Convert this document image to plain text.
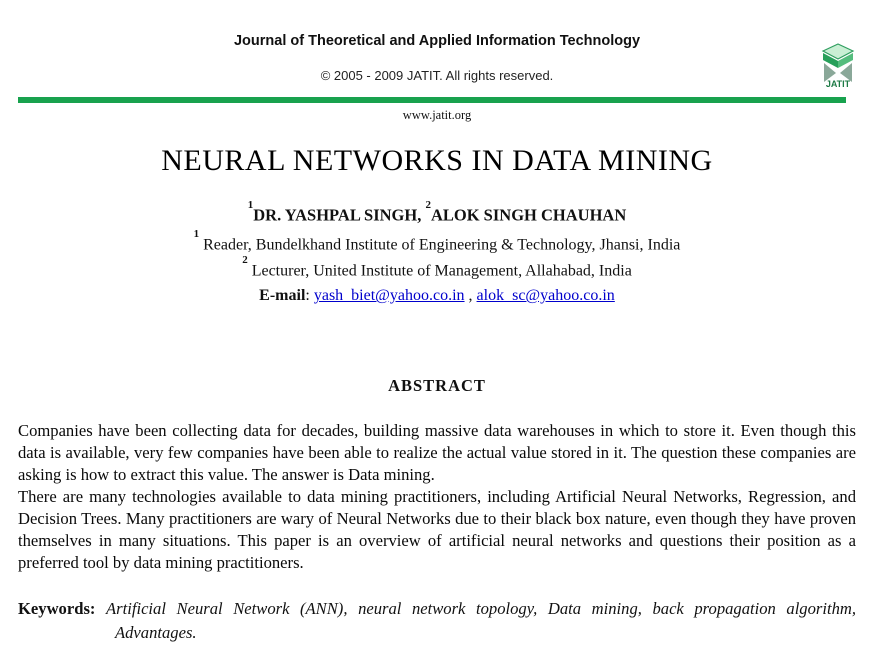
Journal of Theoretical and Applied Information Technology
© 2005 - 2009 JATIT. All rights reserved.
JATIT
www.jatit.org
NEURAL NETWORKS IN DATA MINING
$^1$DR. YASHPAL SINGH, $^2$ALOK SINGH CHAUHAN
$^1$Reader, Bundelkhand Institute of Engineering & Technology, Jhansi, India
$^2$Lecturer, United Institute of Management, Allahabad, India
E-mail: yash_biet@yahoo.co.in , alok_sc@yahoo.co.in
ABSTRACT

Companies have been collecting data for decades, building massive data warehouses in which to store it. Even though this data is available, very few companies have been able to realize the actual value stored in it. The question these companies are asking is how to extract this value. The answer is Data mining.

There are many technologies available to data mining practitioners, including Artificial Neural Networks, Regression, and Decision Trees. Many practitioners are wary of Neural Networks due to their black box nature, even though they have proven themselves in many situations. This paper is an overview of artificial neural networks and questions their position as a preferred tool by data mining practitioners.

Keywords: Artificial Neural Network (ANN), neural network topology, Data mining, back propagation algorithm, Advantages.
